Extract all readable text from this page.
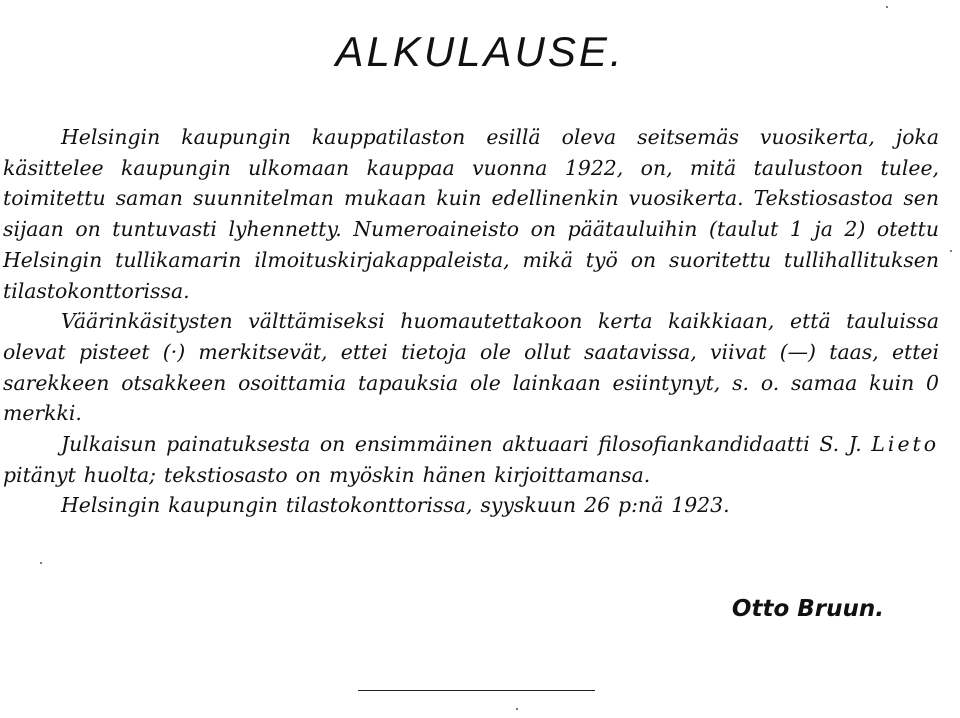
ALKULAUSE.

Helsingin kaupungin kauppatilaston esillä oleva seitsemäs vuosikerta, joka käsittelee kaupungin ulkomaan kauppaa vuonna 1922, on, mitä taulustoon tulee, toimitettu saman suunnitelman mukaan kuin edellinenkin vuosikerta. Tekstiosastoa sen sijaan on tuntuvasti lyhennetty. Numeroaineisto on päätauluihin (taulut 1 ja 2) otettu Helsingin tullikamarin ilmoituskirjakappaleista, mikä työ on suoritettu tullihallituksen tilastokonttorissa.

Väärinkäsitysten välttämiseksi huomautettakoon kerta kaikkiaan, että tauluissa olevat pisteet (·) merkitsevät, ettei tietoja ole ollut saatavissa, viivat (—) taas, ettei sarekkeen otsakkeen osoittamia tapauksia ole lainkaan esiintynyt, s. o. samaa kuin 0 merkki.

Julkaisun painatuksesta on ensimmäinen aktuaari filosofiankandidaatti S. J. Lieto pitänyt huolta; tekstiosasto on myöskin hänen kirjoittamansa.

Helsingin kaupungin tilastokonttorissa, syyskuun 26 p:nä 1923.

Otto Bruun.
